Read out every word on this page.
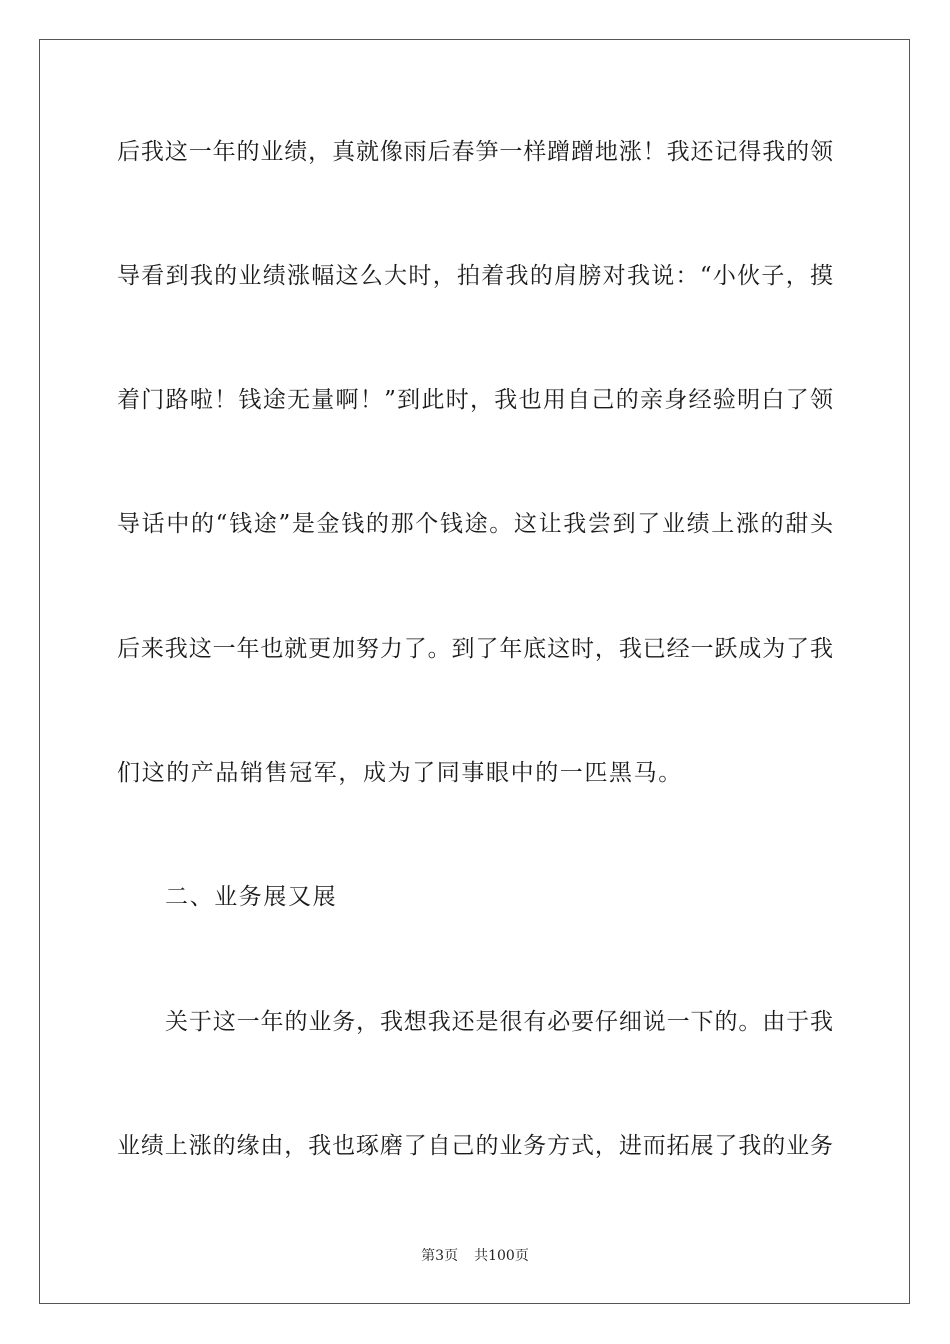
后我这一年的业绩，真就像雨后春笋一样蹭蹭地涨！我还记得我的领
导看到我的业绩涨幅这么大时，拍着我的肩膀对我说：“小伙子，摸
着门路啦！钱途无量啊！”到此时，我也用自己的亲身经验明白了领
导话中的“钱途”是金钱的那个钱途。这让我尝到了业绩上涨的甜头
后来我这一年也就更加努力了。到了年底这时，我已经一跃成为了我
们这的产品销售冠军，成为了同事眼中的一匹黑马。
二、业务展又展
关于这一年的业务，我想我还是很有必要仔细说一下的。由于我
业绩上涨的缘由，我也琢磨了自己的业务方式，进而拓展了我的业务
第3页 共100页
